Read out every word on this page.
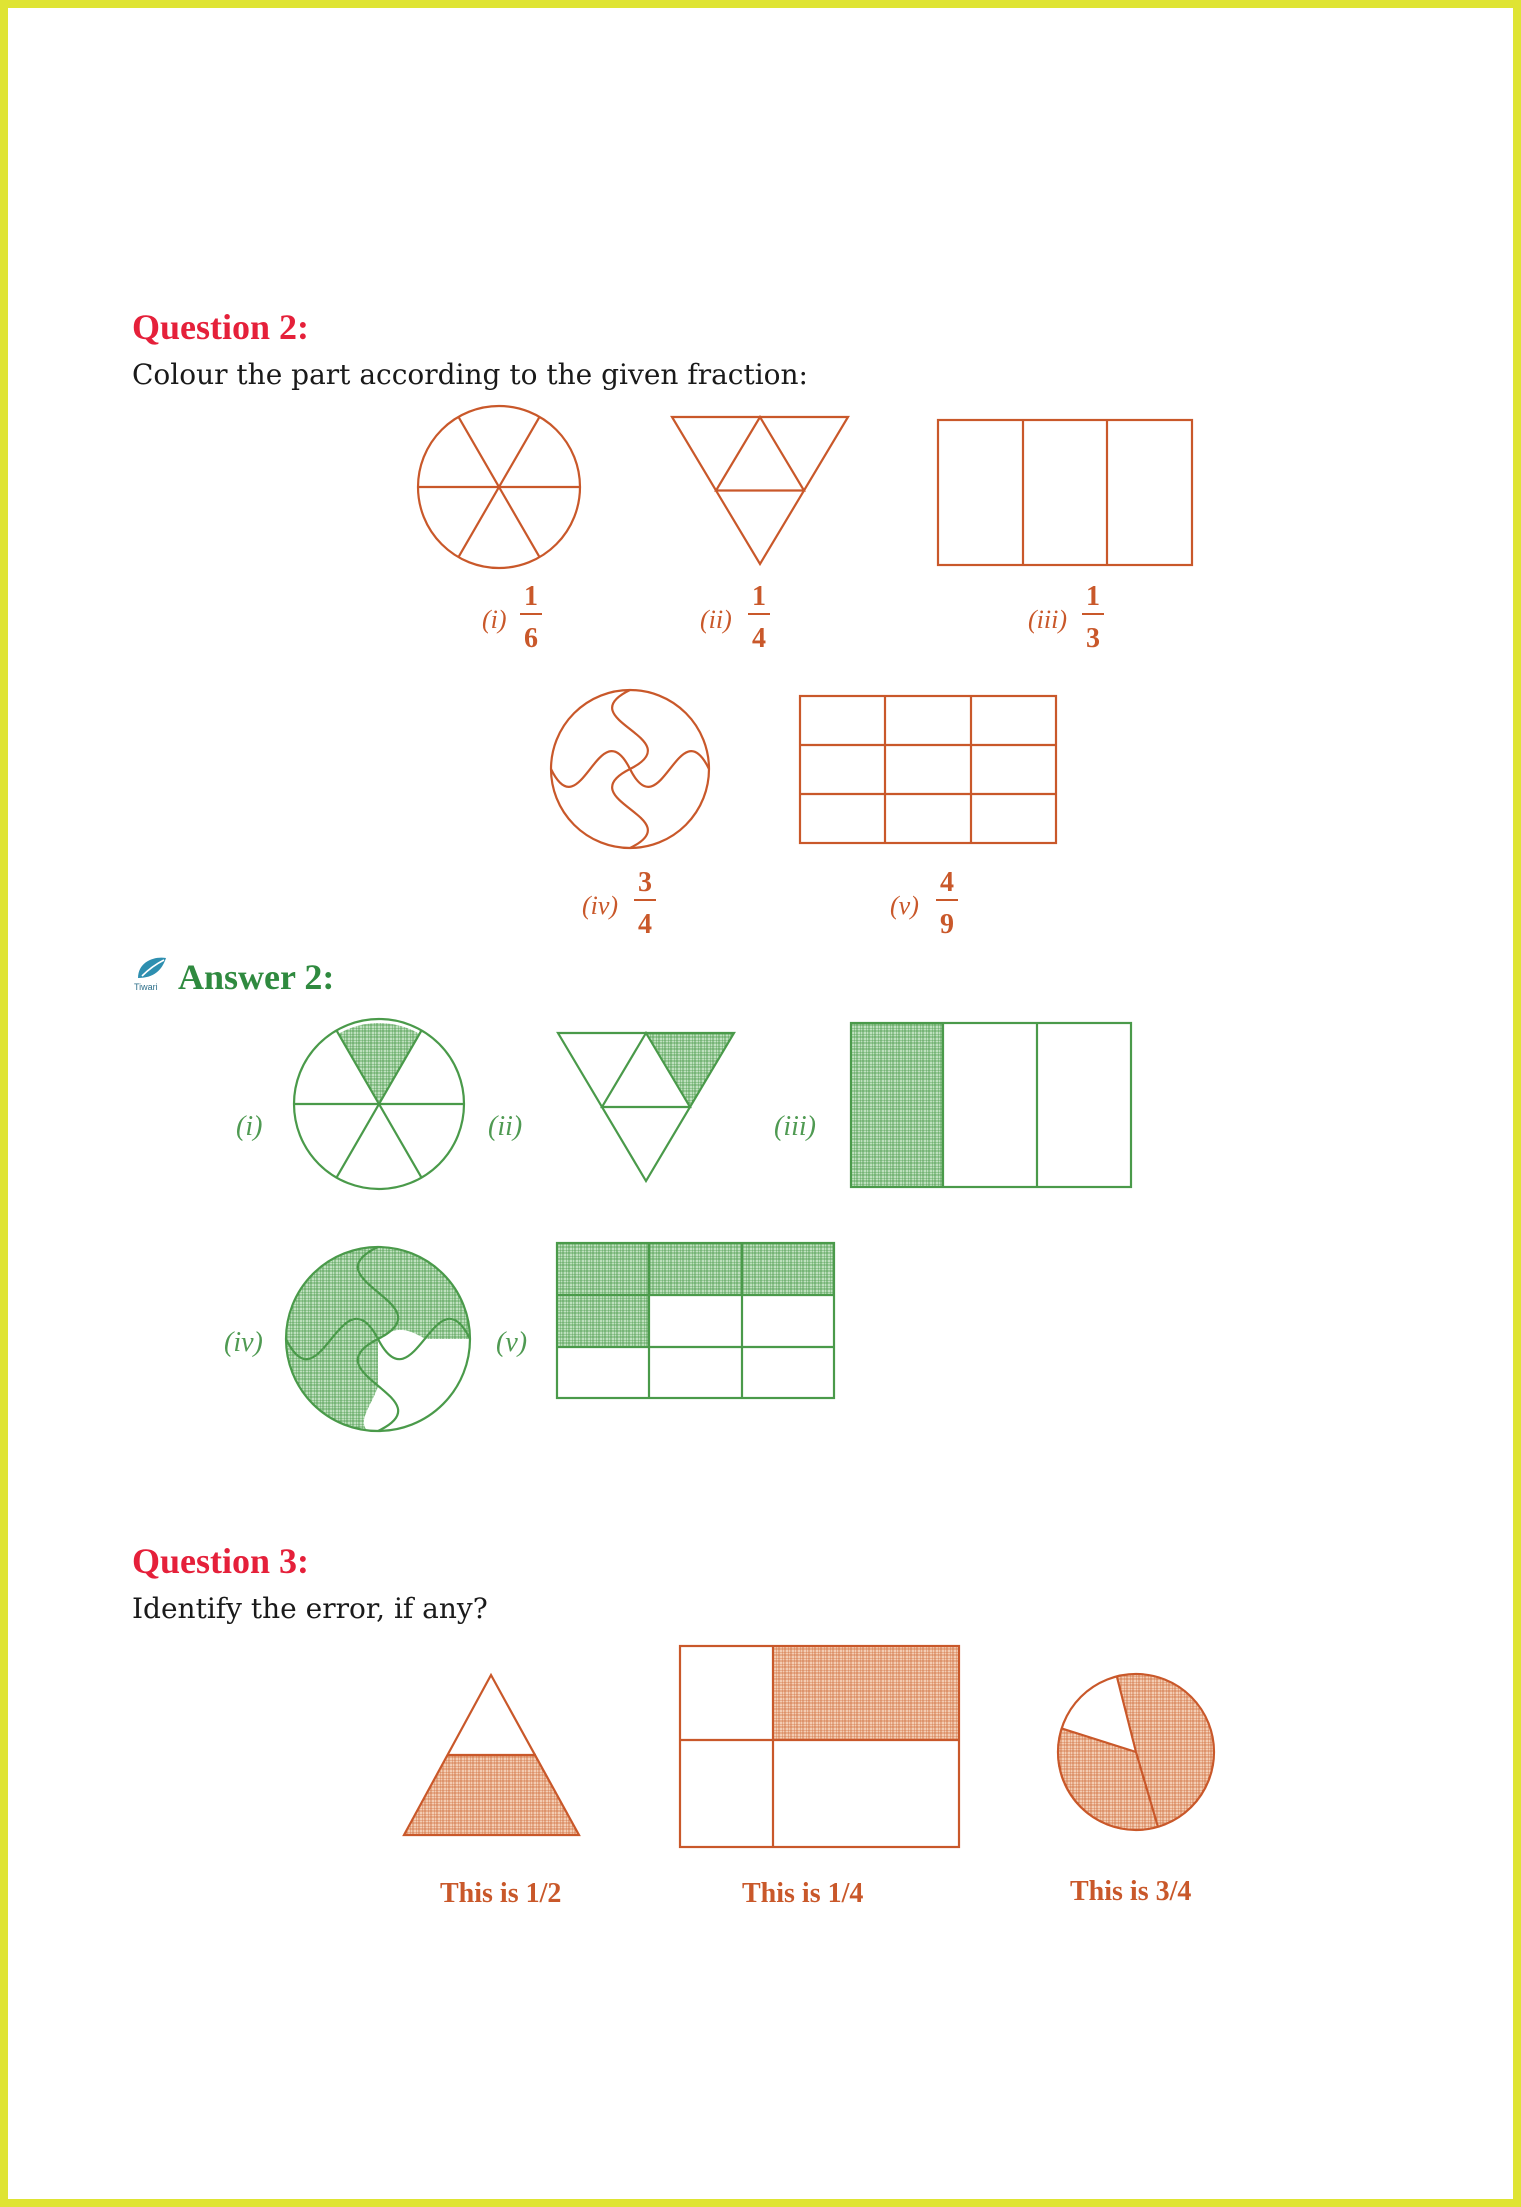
Question 2:

Colour the part according to the given fraction:

Tiwari Answer 2:
Question 3:

Identify the error, if any?

(i)
1
6
(ii)
1
4
(iii)
1
3
(iv)
3
4
(v)
4
9
(i)	(ii)	(iii)
(iv)	(v)
This is 1/2	This is 1/4	This is 3/4
